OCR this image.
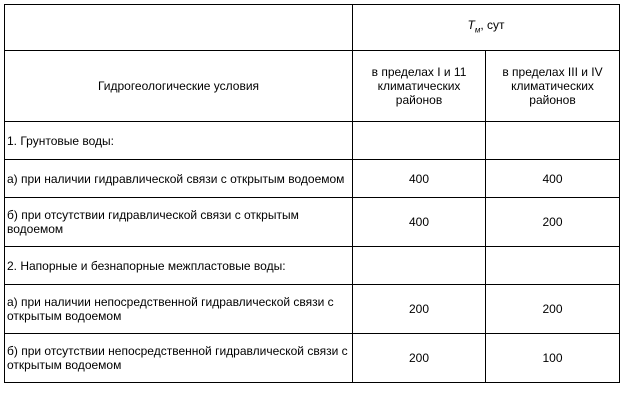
	$T_м$, сут	
Гидрогеологические условия	в пределах I и 11 климатических районов	в пределах III и IV климатических районов
1. Грунтовые воды:		
а) при наличии гидравлической связи с открытым водоемом	400	400
б) при отсутствии гидравлической связи с открытым водоемом	400	200
2. Напорные и безнапорные межпластовые воды:		
а) при наличии непосредственной гидравлической связи с открытым водоемом	200	200
б) при отсутствии непосредственной гидравлической связи с открытым водоемом	200	100
